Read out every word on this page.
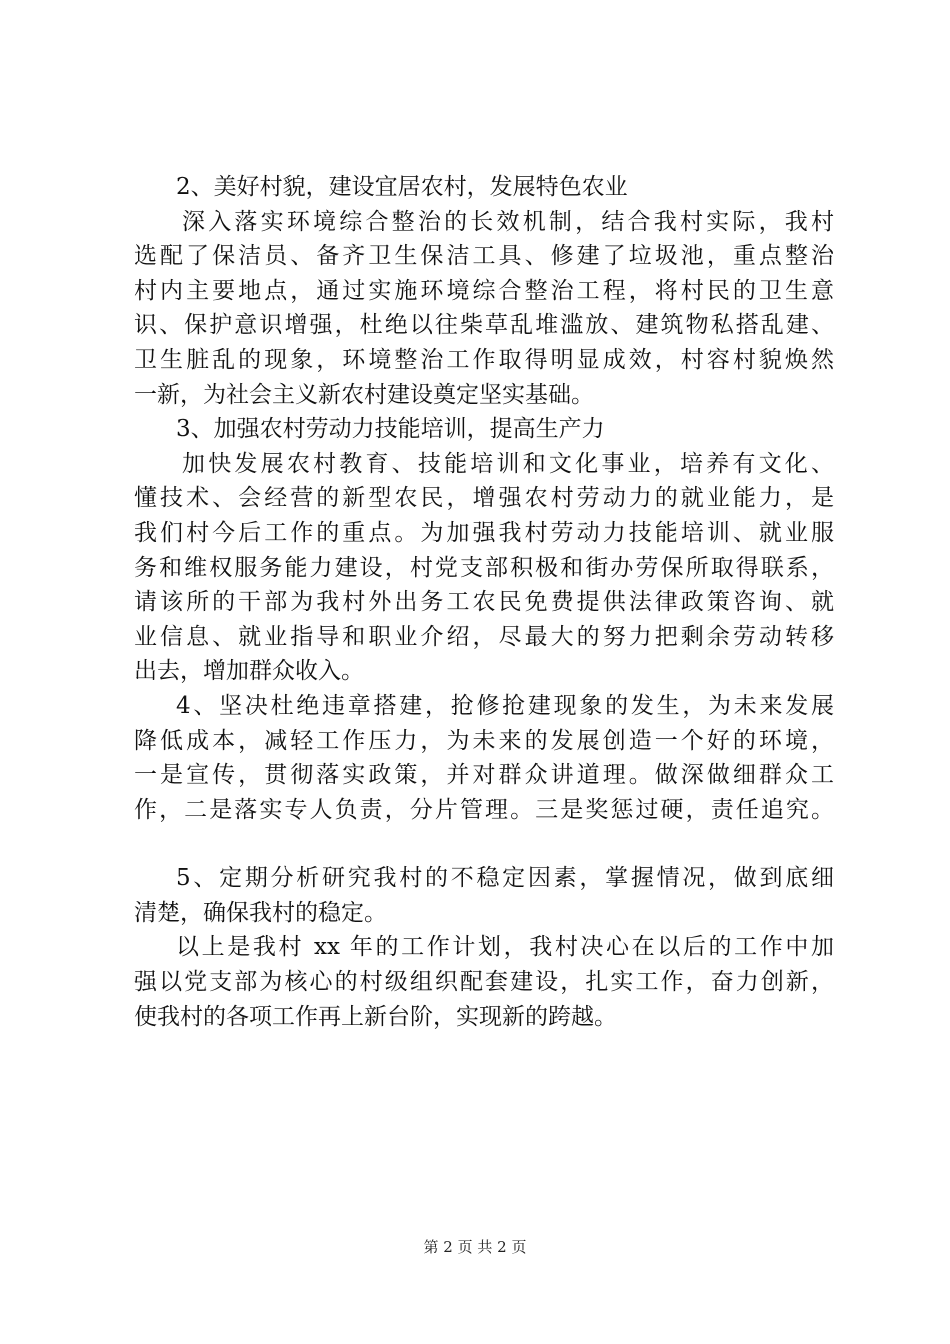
2、美好村貌，建设宜居农村，发展特色农业
深入落实环境综合整治的长效机制，结合我村实际，我村
选配了保洁员、备齐卫生保洁工具、修建了垃圾池，重点整治
村内主要地点，通过实施环境综合整治工程，将村民的卫生意
识、保护意识增强，杜绝以往柴草乱堆滥放、建筑物私搭乱建、
卫生脏乱的现象，环境整治工作取得明显成效，村容村貌焕然
一新，为社会主义新农村建设奠定坚实基础。
3、加强农村劳动力技能培训，提高生产力
加快发展农村教育、技能培训和文化事业，培养有文化、
懂技术、会经营的新型农民，增强农村劳动力的就业能力，是
我们村今后工作的重点。为加强我村劳动力技能培训、就业服
务和维权服务能力建设，村党支部积极和街办劳保所取得联系，
请该所的干部为我村外出务工农民免费提供法律政策咨询、就
业信息、就业指导和职业介绍，尽最大的努力把剩余劳动转移
出去，增加群众收入。
4、坚决杜绝违章搭建，抢修抢建现象的发生，为未来发展
降低成本，减轻工作压力，为未来的发展创造一个好的环境，
一是宣传，贯彻落实政策，并对群众讲道理。做深做细群众工
作，二是落实专人负责，分片管理。三是奖惩过硬，责任追究。
5、定期分析研究我村的不稳定因素，掌握情况，做到底细
清楚，确保我村的稳定。
以上是我村 xx 年的工作计划，我村决心在以后的工作中加
强以党支部为核心的村级组织配套建设，扎实工作，奋力创新，
使我村的各项工作再上新台阶，实现新的跨越。
第 2 页 共 2 页
